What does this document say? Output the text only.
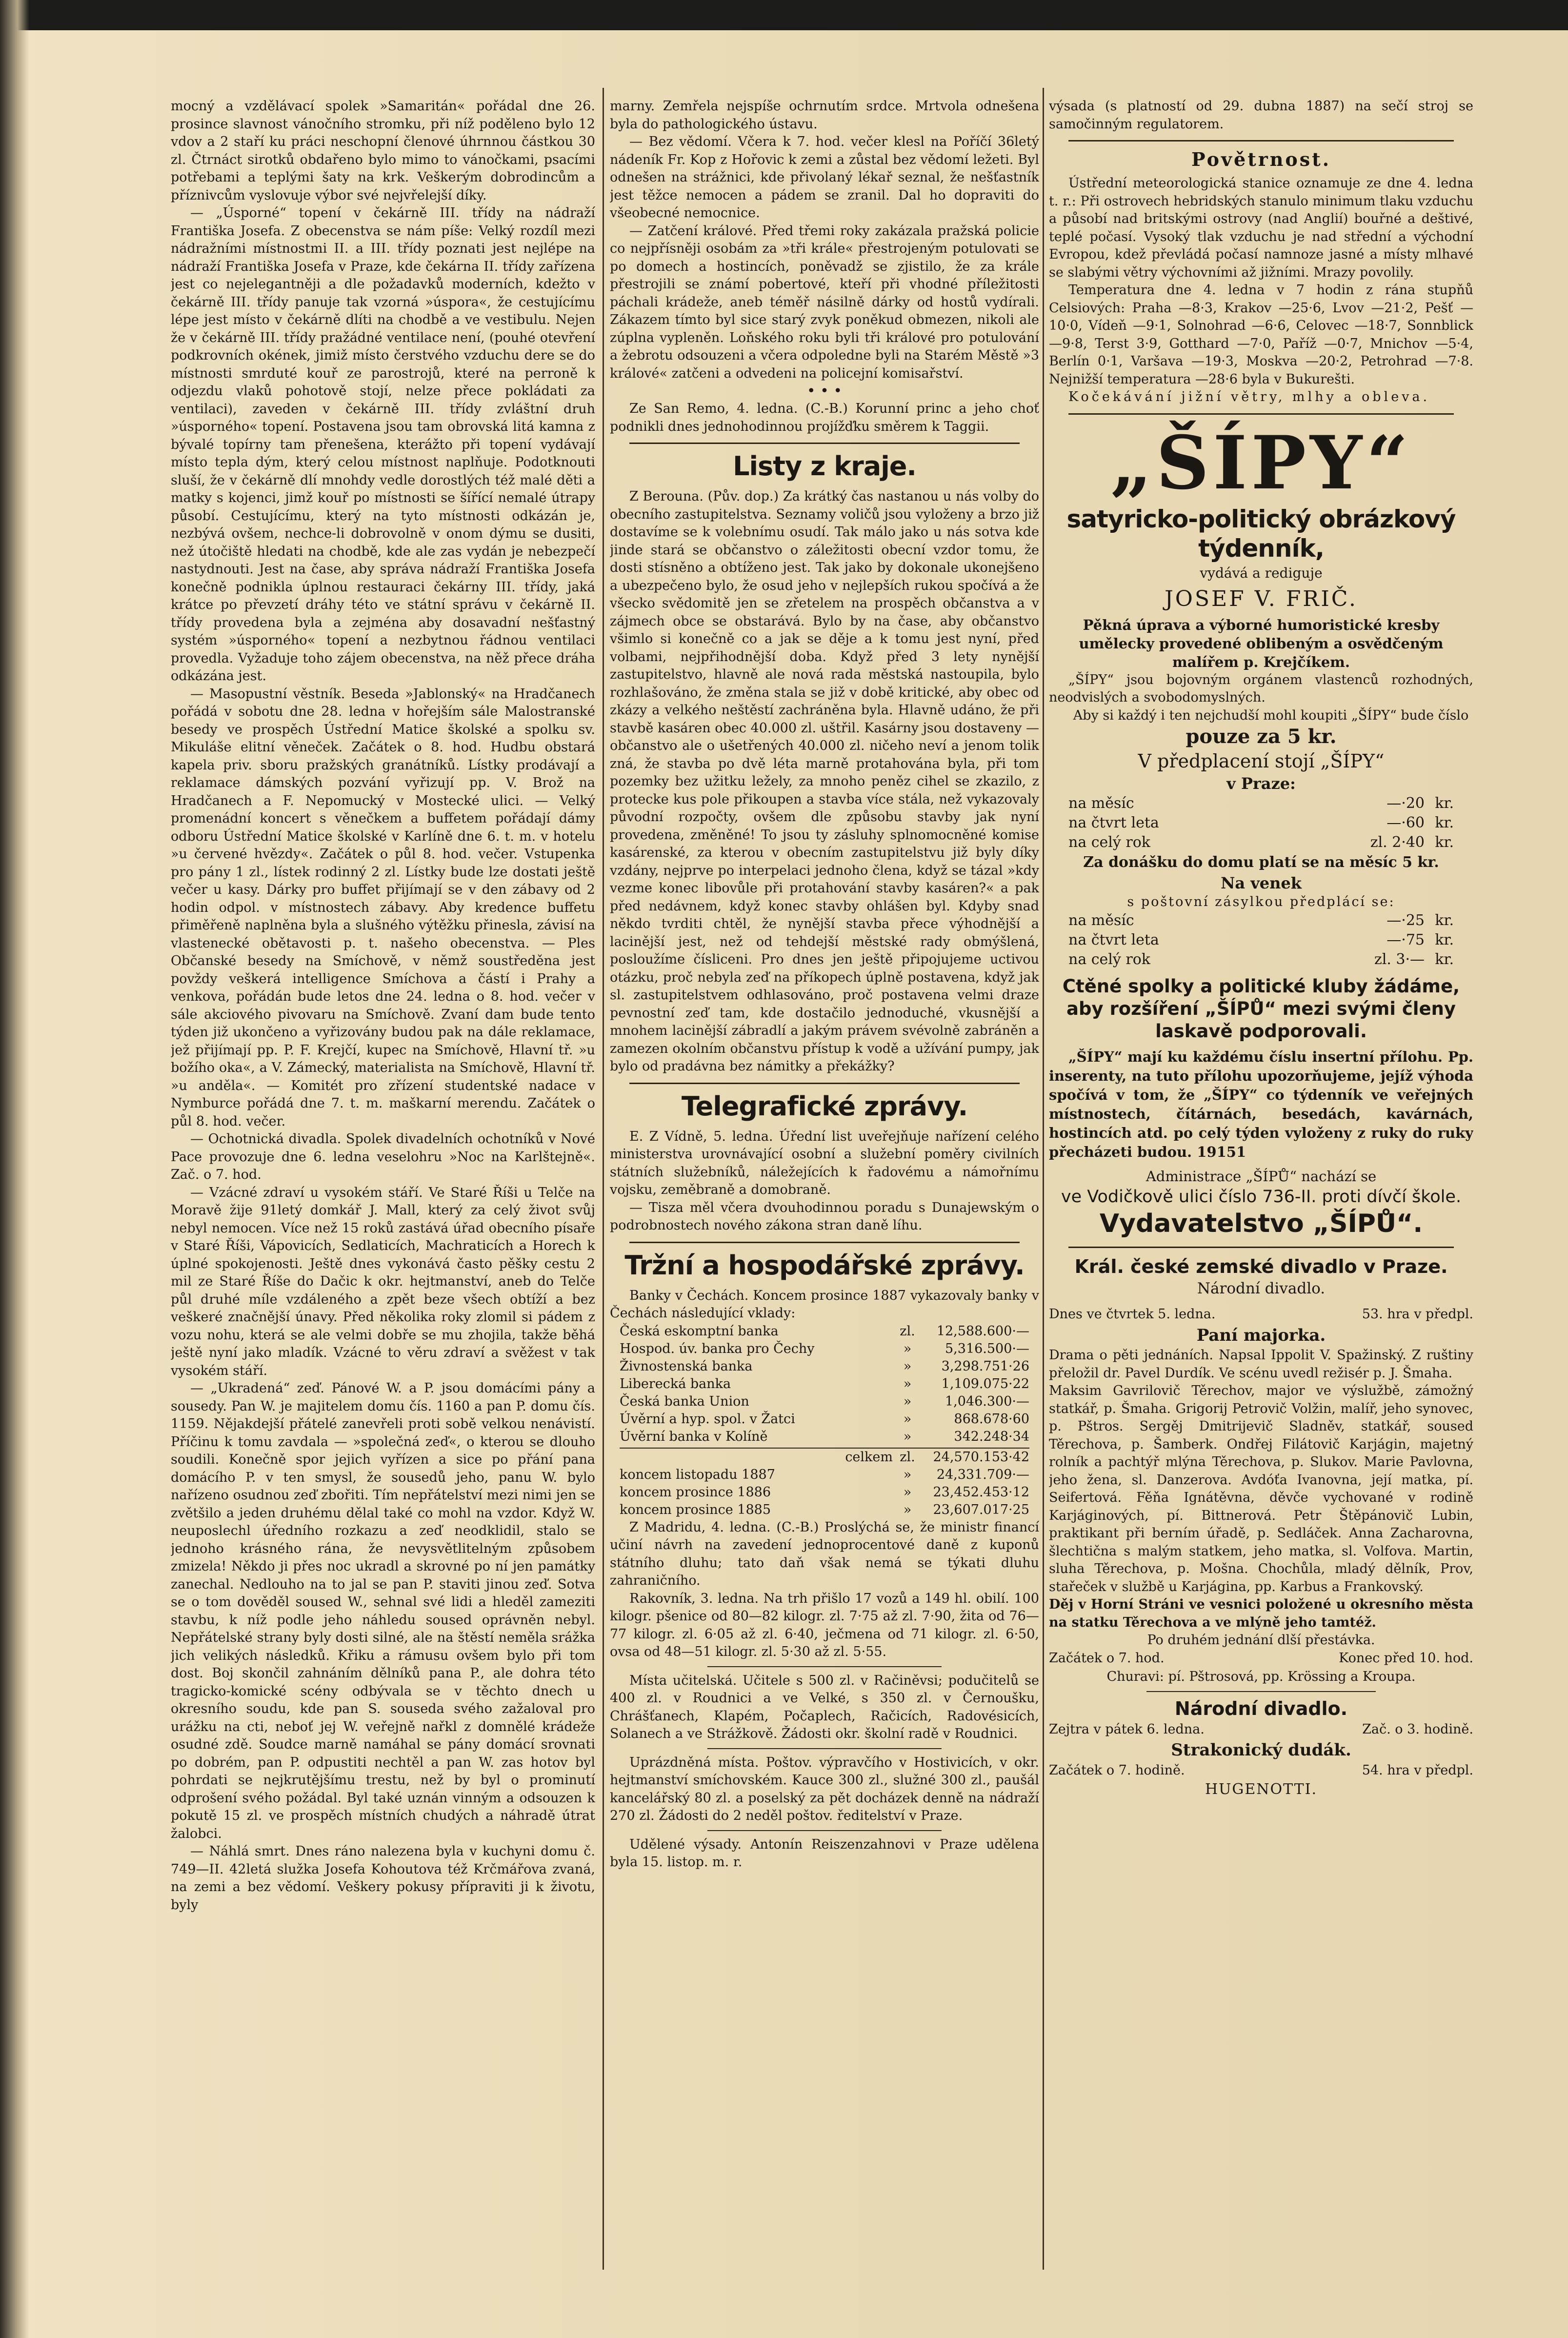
mocný a vzdělávací spolek »Samaritán« pořádal dne 26. prosince slavnost vánočního stromku, při níž poděleno bylo 12 vdov a 2 staří ku práci neschopní členové úhrnnou částkou 30 zl. Čtrnáct sirotků obdařeno bylo mimo to vánočkami, psacími potřebami a teplými šaty na krk. Veškerým dobrodincům a příznivcům vyslovuje výbor své nejvřelejší díky.

— „Úsporné“ topení v čekárně III. třídy na nádraží Františka Josefa. Z obecenstva se nám píše: Velký rozdíl mezi nádražními místnostmi II. a III. třídy poznati jest nejlépe na nádraží Františka Josefa v Praze, kde čekárna II. třídy zařízena jest co nejelegantněji a dle požadavků moderních, kdežto v čekárně III. třídy panuje tak vzorná »úspora«, že cestujícímu lépe jest místo v čekárně dlíti na chodbě a ve vestibulu. Nejen že v čekárně III. třídy pražádné ventilace není, (pouhé otevření podkrovních okének, jimiž místo čerstvého vzduchu dere se do místnosti smrduté kouř ze parostrojů, které na perroně k odjezdu vlaků pohotově stojí, nelze přece pokládati za ventilaci), zaveden v čekárně III. třídy zvláštní druh »úsporného« topení. Postavena jsou tam obrovská litá kamna z bývalé topírny tam přenešena, kterážto při topení vydávají místo tepla dým, který celou místnost naplňuje. Podotknouti sluší, že v čekárně dlí mnohdy vedle dorostlých též malé děti a matky s kojenci, jimž kouř po místnosti se šířící nemalé útrapy působí. Cestujícímu, který na tyto místnosti odkázán je, nezbývá ovšem, nechce-li dobrovolně v onom dýmu se dusiti, než útočiště hledati na chodbě, kde ale zas vydán je nebezpečí nastydnouti. Jest na čase, aby správa nádraží Františka Josefa konečně podnikla úplnou restauraci čekárny III. třídy, jaká krátce po převzetí dráhy této ve státní správu v čekárně II. třídy provedena byla a zejména aby dosavadní nešťastný systém »úsporného« topení a nezbytnou řádnou ventilaci provedla. Vyžaduje toho zájem obecenstva, na něž přece dráha odkázána jest.

— Masopustní věstník. Beseda »Jablonský« na Hradčanech pořádá v sobotu dne 28. ledna v hořejším sále Malostranské besedy ve prospěch Ústřední Matice školské a spolku sv. Mikuláše elitní věneček. Začátek o 8. hod. Hudbu obstará kapela priv. sboru pražských granátníků. Lístky prodávají a reklamace dámských pozvání vyřizují pp. V. Brož na Hradčanech a F. Nepomucký v Mostecké ulici. — Velký promenádní koncert s věnečkem a buffetem pořádají dámy odboru Ústřední Matice školské v Karlíně dne 6. t. m. v hotelu »u červené hvězdy«. Začátek o půl 8. hod. večer. Vstupenka pro pány 1 zl., lístek rodinný 2 zl. Lístky bude lze dostati ještě večer u kasy. Dárky pro buffet přijímají se v den zábavy od 2 hodin odpol. v místnostech zábavy. Aby kredence buffetu přiměřeně naplněna byla a slušného výtěžku přinesla, závisí na vlastenecké obětavosti p. t. našeho obecenstva. — Ples Občanské besedy na Smíchově, v němž soustředěna jest povždy veškerá intelligence Smíchova a částí i Prahy a venkova, pořádán bude letos dne 24. ledna o 8. hod. večer v sále akciového pivovaru na Smíchově. Zvaní dam bude tento týden již ukončeno a vyřizovány budou pak na dále reklamace, jež přijímají pp. P. F. Krejčí, kupec na Smíchově, Hlavní tř. »u božího oka«, a V. Zámecký, materialista na Smíchově, Hlavní tř. »u anděla«. — Komitét pro zřízení studentské nadace v Nymburce pořádá dne 7. t. m. maškarní merendu. Začátek o půl 8. hod. večer.

— Ochotnická divadla. Spolek divadelních ochotníků v Nové Pace provozuje dne 6. ledna veselohru »Noc na Karlštejně«. Zač. o 7. hod.

— Vzácné zdraví u vysokém stáří. Ve Staré Říši u Telče na Moravě žije 91letý domkář J. Mall, který za celý život svůj nebyl nemocen. Více než 15 roků zastává úřad obecního písaře v Staré Říši, Vápovicích, Sedlaticích, Machraticích a Horech k úplné spokojenosti. Ještě dnes vykonává často pěšky cestu 2 mil ze Staré Říše do Dačic k okr. hejtmanství, aneb do Telče půl druhé míle vzdáleného a zpět beze všech obtíží a bez veškeré značnější únavy. Před několika roky zlomil si pádem z vozu nohu, která se ale velmi dobře se mu zhojila, takže běhá ještě nyní jako mladík. Vzácné to věru zdraví a svěžest v tak vysokém stáří.

— „Ukradená“ zeď. Pánové W. a P. jsou domácími pány a sousedy. Pan W. je majitelem domu čís. 1160 a pan P. domu čís. 1159. Nějakdejší přátelé zanevřeli proti sobě velkou nenávistí. Příčinu k tomu zavdala — »společná zeď«, o kterou se dlouho soudili. Konečně spor jejich vyřízen a sice po přání pana domácího P. v ten smysl, že sousedů jeho, panu W. bylo nařízeno osudnou zeď zbořiti. Tím nepřátelství mezi nimi jen se zvětšilo a jeden druhému dělal také co mohl na vzdor. Když W. neuposlechl úředního rozkazu a zeď neodklidil, stalo se jednoho krásného rána, že nevysvětlitelným způsobem zmizela! Někdo ji přes noc ukradl a skrovné po ní jen památky zanechal. Nedlouho na to jal se pan P. staviti jinou zeď. Sotva se o tom dověděl soused W., sehnal své lidi a hleděl zameziti stavbu, k níž podle jeho náhledu soused oprávněn nebyl. Nepřátelské strany byly dosti silné, ale na štěstí neměla srážka jich velikých následků. Křiku a rámusu ovšem bylo při tom dost. Boj skončil zahnáním dělníků pana P., ale dohra této tragicko-komické scény odbývala se v těchto dnech u okresního soudu, kde pan S. souseda svého zažaloval pro urážku na cti, neboť jej W. veřejně nařkl z domnělé krádeže osudné zdě. Soudce marně namáhal se pány domácí srovnati po dobrém, pan P. odpustiti nechtěl a pan W. zas hotov byl pohrdati se nejkrutějšímu trestu, než by byl o prominutí odprošení svého požádal. Byl také uznán vinným a odsouzen k pokutě 15 zl. ve prospěch místních chudých a náhradě útrat žalobci.

— Náhlá smrt. Dnes ráno nalezena byla v kuchyni domu č. 749—II. 42letá služka Josefa Kohoutova též Krčmářova zvaná, na zemi a bez vědomí. Veškery pokusy přípraviti ji k životu, byly

marny. Zemřela nejspíše ochrnutím srdce. Mrtvola odnešena byla do pathologického ústavu.

— Bez vědomí. Včera k 7. hod. večer klesl na Poříčí 36letý nádeník Fr. Kop z Hořovic k zemi a zůstal bez vědomí ležeti. Byl odnešen na strážnici, kde přivolaný lékař seznal, že nešťastník jest těžce nemocen a pádem se zranil. Dal ho dopraviti do všeobecné nemocnice.

— Zatčení králové. Před třemi roky zakázala pražská policie co nejpřísněji osobám za »tři krále« přestrojeným potulovati se po domech a hostincích, poněvadž se zjistilo, že za krále přestrojili se známí pobertové, kteří při vhodné příležitosti páchali krádeže, aneb téměř násilně dárky od hostů vydírali. Zákazem tímto byl sice starý zvyk poněkud obmezen, nikoli ale zúplna vypleněn. Loňského roku byli tři králové pro potulování a žebrotu odsouzeni a včera odpoledne byli na Starém Městě »3 králové« zatčeni a odvedeni na policejní komisařství.

• • •

Ze San Remo, 4. ledna. (C.-B.) Korunní princ a jeho choť podnikli dnes jednohodinnou projížďku směrem k Taggii.

Listy z kraje.

Z Berouna. (Pův. dop.) Za krátký čas nastanou u nás volby do obecního zastupitelstva. Seznamy voličů jsou vyloženy a brzo již dostavíme se k volebnímu osudí. Tak málo jako u nás sotva kde jinde stará se občanstvo o záležitosti obecní vzdor tomu, že dosti stísněno a obtíženo jest. Tak jako by dokonale ukonejšeno a ubezpečeno bylo, že osud jeho v nejlepších rukou spočívá a že všecko svědomitě jen se zřetelem na prospěch občanstva a v zájmech obce se obstarává. Bylo by na čase, aby občanstvo všimlo si konečně co a jak se děje a k tomu jest nyní, před volbami, nejpřihodnější doba. Když před 3 lety nynější zastupitelstvo, hlavně ale nová rada městská nastoupila, bylo rozhlašováno, že změna stala se již v době kritické, aby obec od zkázy a velkého neštěstí zachráněna byla. Hlavně udáno, že při stavbě kasáren obec 40.000 zl. uštřil. Kasárny jsou dostaveny — občanstvo ale o ušetřených 40.000 zl. ničeho neví a jenom tolik zná, že stavba po dvě léta marně protahována byla, při tom pozemky bez užitku ležely, za mnoho peněz cihel se zkazilo, z protecke kus pole přikoupen a stavba více stála, než vykazovaly původní rozpočty, ovšem dle způsobu stavby jak nyní provedena, změněné! To jsou ty zásluhy splnomocněné komise kasárenské, za kterou v obecním zastupitelstvu již byly díky vzdány, nejprve po interpelaci jednoho člena, když se tázal »kdy vezme konec libovůle při protahování stavby kasáren?« a pak před nedávnem, když konec stavby ohlášen byl. Kdyby snad někdo tvrditi chtěl, že nynější stavba přece výhodnější a lacinější jest, než od tehdejší městské rady obmýšlená, posloužíme čísliceni. Pro dnes jen ještě připojujeme uctivou otázku, proč nebyla zeď na příkopech úplně postavena, když jak sl. zastupitelstvem odhlasováno, proč postavena velmi draze pevnostní zeď tam, kde dostačilo jednoduché, vkusnější a mnohem lacinější zábradlí a jakým právem svévolně zabráněn a zamezen okolním občanstvu přístup k vodě a užívání pumpy, jak bylo od pradávna bez námitky a překážky?

Telegrafické zprávy.

E. Z Vídně, 5. ledna. Úřední list uveřejňuje nařízení celého ministerstva urovnávající osobní a služební poměry civilních státních služebníků, náležejících k řadovému a námořnímu vojsku, zeměbraně a domobraně.

— Tisza měl včera dvouhodinnou poradu s Dunajewským o podrobnostech nového zákona stran daně líhu.

Tržní a hospodářské zprávy.

Banky v Čechách. Koncem prosince 1887 vykazovaly banky v Čechách následující vklady:

Česká eskomptní banka	zl.	12,588.600·—
Hospod. úv. banka pro Čechy	»	5,316.500·—
Živnostenská banka	»	3,298.751·26
Liberecká banka	»	1,109.075·22
Česká banka Union	»	1,046.300·—
Úvěrní a hyp. spol. v Žatci	»	868.678·60
Úvěrní banka v Kolíně	»	342.248·34
celkem zl.	24,570.153·42
koncem listopadu 1887	»	24,331.709·—
koncem prosince 1886	»	23,452.453·12
koncem prosince 1885	»	23,607.017·25

Z Madridu, 4. ledna. (C.-B.) Proslýchá se, že ministr financí učiní návrh na zavedení jednoprocentové daně z kuponů státního dluhu; tato daň však nemá se týkati dluhu zahraničního.

Rakovník, 3. ledna. Na trh přišlo 17 vozů a 149 hl. obilí. 100 kilogr. pšenice od 80—82 kilogr. zl. 7·75 až zl. 7·90, žita od 76—77 kilogr. zl. 6·05 až zl. 6·40, ječmena od 71 kilogr. zl. 6·50, ovsa od 48—51 kilogr. zl. 5·30 až zl. 5·55.

Místa učitelská. Učitele s 500 zl. v Račiněvsi; podučitelů se 400 zl. v Roudnici a ve Velké, s 350 zl. v Černoušku, Chrášťanech, Klapém, Počaplech, Račicích, Radovésicích, Solanech a ve Strážkově. Žádosti okr. školní radě v Roudnici.

Uprázdněná místa. Poštov. výpravčího v Hostivicích, v okr. hejtmanství smíchovském. Kauce 300 zl., služné 300 zl., paušál kancelářský 80 zl. a poselský za pět docházek denně na nádraží 270 zl. Žádosti do 2 neděl poštov. ředitelství v Praze.

Udělené výsady. Antonín Reiszenzahnovi v Praze udělena byla 15. listop. m. r.

výsada (s platností od 29. dubna 1887) na sečí stroj se samočinným regulatorem.

Povětrnost.

Ústřední meteorologická stanice oznamuje ze dne 4. ledna t. r.: Při ostrovech hebridských stanulo minimum tlaku vzduchu a působí nad britskými ostrovy (nad Anglií) bouřné a deštivé, teplé počasí. Vysoký tlak vzduchu je nad střední a východní Evropou, kdež převládá počasí namnoze jasné a místy mlhavé se slabými větry výchovními až jižními. Mrazy povolily.

Temperatura dne 4. ledna v 7 hodin z rána stupňů Celsiových: Praha —8·3, Krakov —25·6, Lvov —21·2, Pešť —10·0, Vídeň —9·1, Solnohrad —6·6, Celovec —18·7, Sonnblick —9·8, Terst 3·9, Gotthard —7·0, Paříž —0·7, Mnichov —5·4, Berlín 0·1, Varšava —19·3, Moskva —20·2, Petrohrad —7·8. Nejnižší temperatura —28·6 byla v Bukurešti.

Kočekávání jižní větry, mlhy a oblevа.

„ŠÍPY“
satyricko-politický obrázkový týdenník,
vydává a rediguje
JOSEF V. FRIČ.

Pěkná úprava a výborné humoristické kresby umělecky provedené oblibeným a osvědčeným malířem p. Krejčíkem.

„ŠÍPY“ jsou bojovným orgánem vlastenců rozhodných, neodvislých a svobodomyslných.

Aby si každý i ten nejchudší mohl koupiti „ŠÍPY“ bude číslo

pouze za 5 kr.
V předplacení stojí „ŠÍPY“
v Praze:
na měsíc	—·20 kr.
na čtvrt leta	—·60 kr.
na celý rok	zl. 2·40 kr.
Za donášku do domu platí se na měsíc 5 kr.
Na venek
s poštovní zásylkou předplácí se:
na měsíc	—·25 kr.
na čtvrt leta	—·75 kr.
na celý rok	zl. 3·— kr.
Ctěné spolky a politické kluby žádáme, aby rozšíření „ŠÍPŮ“ mezi svými členy laskavě podporovali.

„ŠÍPY“ mají ku každému číslu insertní přílohu. Pp. inserenty, na tuto přílohu upozorňujeme, jejíž výhoda spočívá v tom, že „ŠÍPY“ co týdenník ve veřejných místnostech, čítárnách, besedách, kavárnách, hostincích atd. po celý týden vyloženy z ruky do ruky přecházeti budou. 19151

Administrace „ŠÍPŮ“ nachází se
ve Vodičkově ulici číslo 736-II. proti dívčí škole.
Vydavatelstvo „ŠÍPŮ“.
Král. české zemské divadlo v Praze.
Národní divadlo.
Dnes ve čtvrtek 5. ledna.	53. hra v předpl.
Paní majorka.

Drama o pěti jednáních. Napsal Ippolit V. Spažinský. Z ruštiny přeložil dr. Pavel Durdík. Ve scénu uvedl režisér p. J. Šmaha.

Maksim Gavrilovič Těrechov, major ve výslužbě, zámožný statkář, p. Šmaha. Grigorij Petrovič Volžin, malíř, jeho synovec, p. Pštros. Sergěj Dmitrijevič Sladněv, statkář, soused Těrechova, p. Šamberk. Ondřej Filátovič Karjágin, majetný rolník a pachtýř mlýna Těrechova, p. Slukov. Marie Pavlovna, jeho žena, sl. Danzerova. Avdóťa Ivanovna, její matka, pí. Seifertová. Fěňa Ignátěvna, děvče vychované v rodině Karjáginových, pí. Bittnerová. Petr Štěpánovič Lubin, praktikant při berním úřadě, p. Sedláček. Anna Zacharovna, šlechtična s malým statkem, jeho matka, sl. Volfova. Martin, sluha Těrechova, p. Mošna. Chochůla, mladý dělník, Prov, stařeček v službě u Karjágina, pp. Karbus a Frankovský.

Děj v Horní Stráni ve vesnici položené u okresního města na statku Těrechova a ve mlýně jeho tamtéž.

Po druhém jednání dlší přestávka.
Začátek o 7. hod.	Konec před 10. hod.
Churavi: pí. Pštrosová, pp. Krössing a Kroupa.
Národní divadlo.
Zejtra v pátek 6. ledna.	Zač. o 3. hodině.
Strakonický dudák.
Začátek o 7. hodině.	54. hra v předpl.
HUGENOTTI.
